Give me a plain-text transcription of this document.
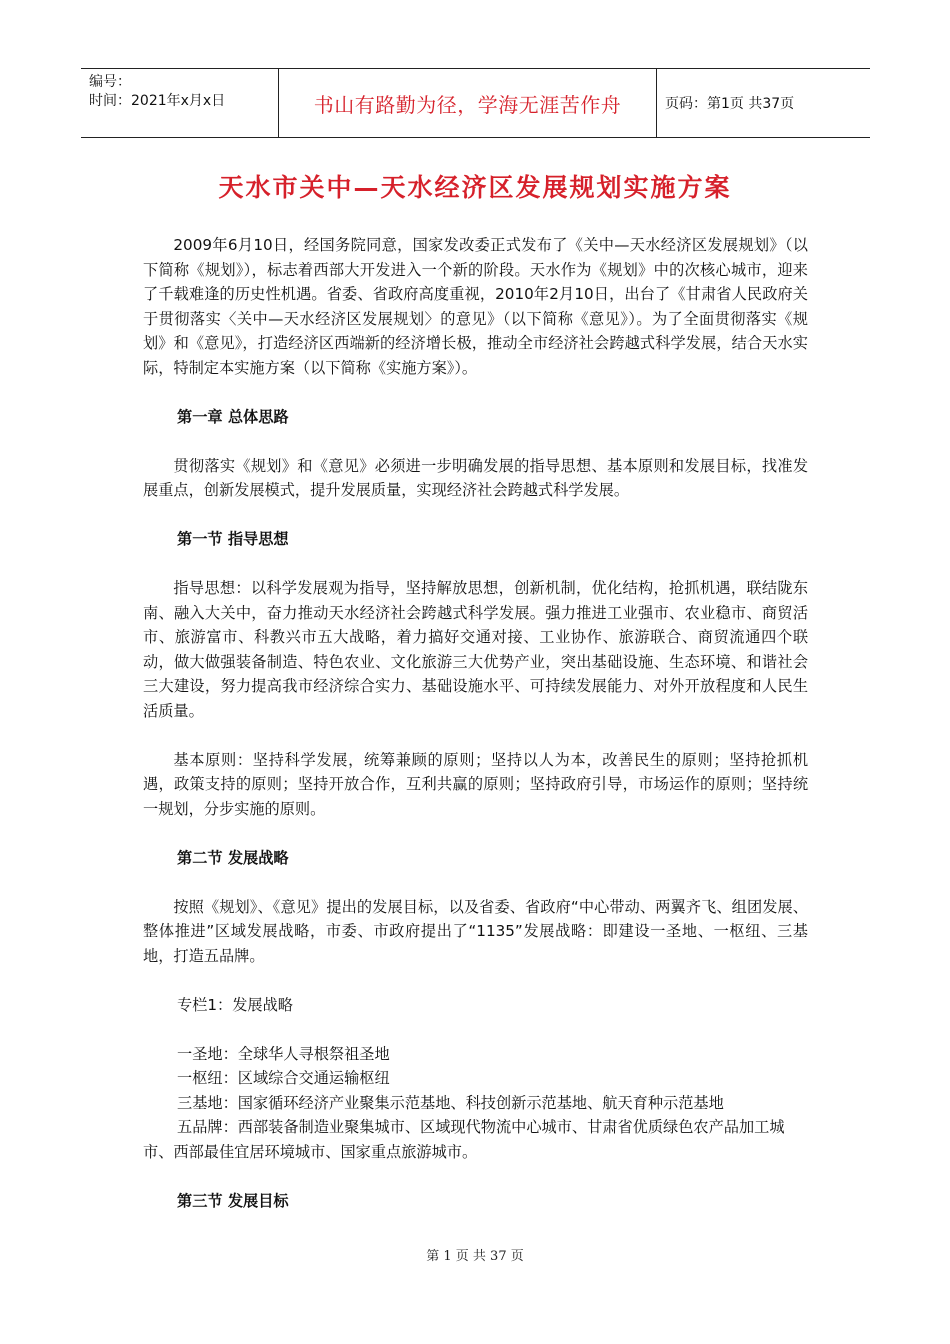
编号：
时间：2021年x月x日	书山有路勤为径，学海无涯苦作舟	页码：第1页 共37页
天水市关中—天水经济区发展规划实施方案

2009年6月10日，经国务院同意，国家发改委正式发布了《关中—天水经济区发展规划》（以下简称《规划》），标志着西部大开发进入一个新的阶段。天水作为《规划》中的次核心城市，迎来了千载难逢的历史性机遇。省委、省政府高度重视，2010年2月10日，出台了《甘肃省人民政府关于贯彻落实〈关中—天水经济区发展规划〉的意见》（以下简称《意见》）。为了全面贯彻落实《规划》和《意见》，打造经济区西端新的经济增长极，推动全市经济社会跨越式科学发展，结合天水实际，特制定本实施方案（以下简称《实施方案》）。

第一章 总体思路

贯彻落实《规划》和《意见》必须进一步明确发展的指导思想、基本原则和发展目标，找准发展重点，创新发展模式，提升发展质量，实现经济社会跨越式科学发展。

第一节 指导思想

指导思想：以科学发展观为指导，坚持解放思想，创新机制，优化结构，抢抓机遇，联结陇东南、融入大关中，奋力推动天水经济社会跨越式科学发展。强力推进工业强市、农业稳市、商贸活市、旅游富市、科教兴市五大战略，着力搞好交通对接、工业协作、旅游联合、商贸流通四个联动，做大做强装备制造、特色农业、文化旅游三大优势产业，突出基础设施、生态环境、和谐社会三大建设，努力提高我市经济综合实力、基础设施水平、可持续发展能力、对外开放程度和人民生活质量。

基本原则：坚持科学发展，统筹兼顾的原则；坚持以人为本，改善民生的原则；坚持抢抓机遇，政策支持的原则；坚持开放合作，互利共赢的原则；坚持政府引导，市场运作的原则；坚持统一规划，分步实施的原则。

第二节 发展战略

按照《规划》、《意见》提出的发展目标，以及省委、省政府“中心带动、两翼齐飞、组团发展、整体推进”区域发展战略，市委、市政府提出了“1135”发展战略：即建设一圣地、一枢纽、三基地，打造五品牌。

专栏1：发展战略

一圣地：全球华人寻根祭祖圣地

一枢纽：区域综合交通运输枢纽

三基地：国家循环经济产业聚集示范基地、科技创新示范基地、航天育种示范基地

五品牌：西部装备制造业聚集城市、区域现代物流中心城市、甘肃省优质绿色农产品加工城市、西部最佳宜居环境城市、国家重点旅游城市。

第三节 发展目标

第 1 页 共 37 页
